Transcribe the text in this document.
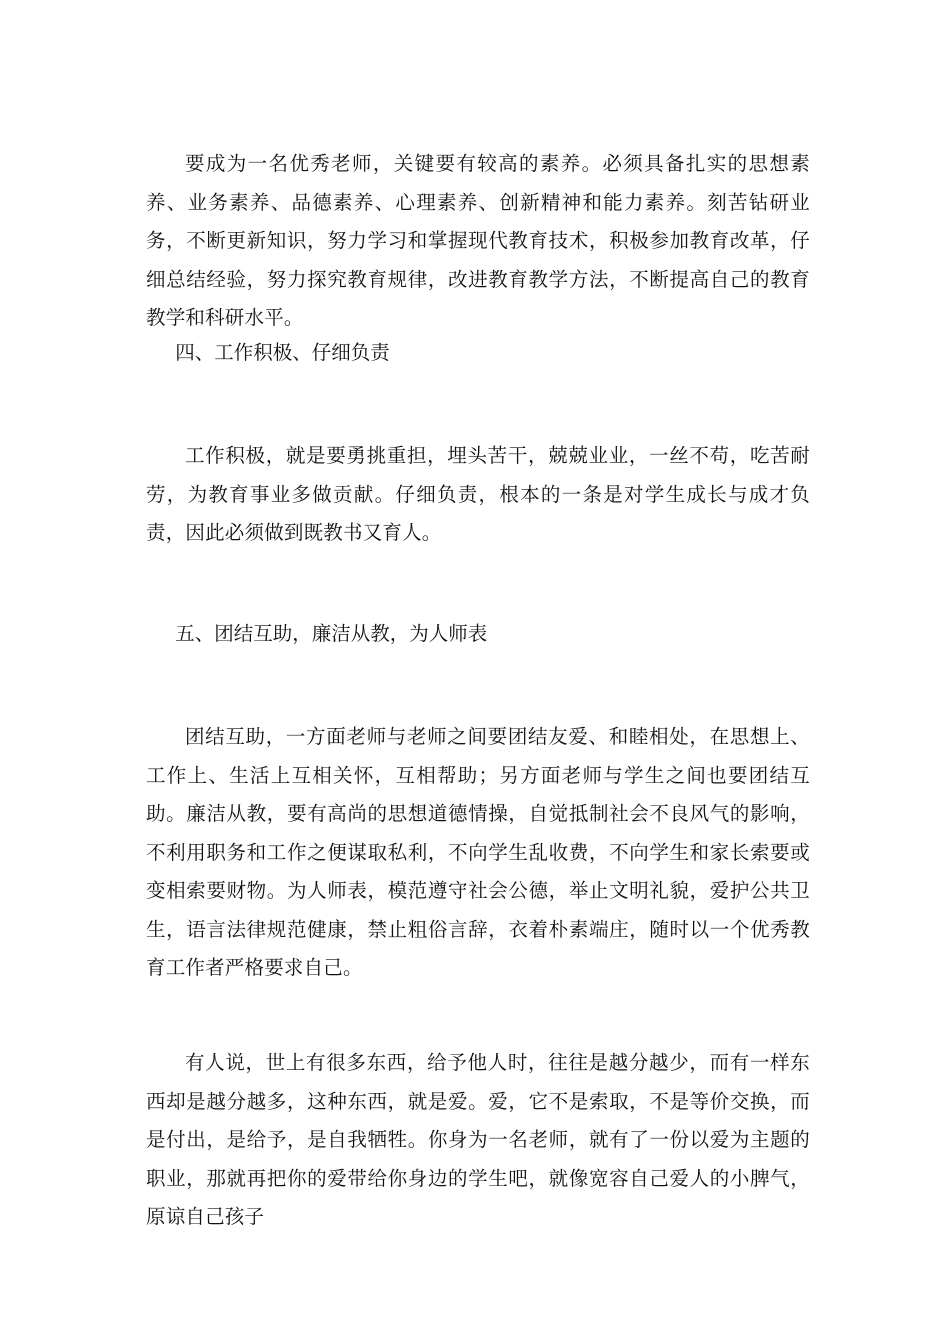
要成为一名优秀老师，关键要有较高的素养。必须具备扎实的思想素养、业务素养、品德素养、心理素养、创新精神和能力素养。刻苦钻研业务，不断更新知识，努力学习和掌握现代教育技术，积极参加教育改革，仔细总结经验，努力探究教育规律，改进教育教学方法，不断提高自己的教育教学和科研水平。

四、工作积极、仔细负责

工作积极，就是要勇挑重担，埋头苦干，兢兢业业，一丝不苟，吃苦耐劳，为教育事业多做贡献。仔细负责，根本的一条是对学生成长与成才负责，因此必须做到既教书又育人。

五、团结互助，廉洁从教，为人师表

团结互助，一方面老师与老师之间要团结友爱、和睦相处，在思想上、工作上、生活上互相关怀，互相帮助；另方面老师与学生之间也要团结互助。廉洁从教，要有高尚的思想道德情操，自觉抵制社会不良风气的影响，不利用职务和工作之便谋取私利，不向学生乱收费，不向学生和家长索要或变相索要财物。为人师表，模范遵守社会公德，举止文明礼貌，爱护公共卫生，语言法律规范健康，禁止粗俗言辞，衣着朴素端庄，随时以一个优秀教育工作者严格要求自己。

有人说，世上有很多东西，给予他人时，往往是越分越少，而有一样东西却是越分越多，这种东西，就是爱。爱，它不是索取，不是等价交换，而是付出，是给予，是自我牺牲。你身为一名老师，就有了一份以爱为主题的职业，那就再把你的爱带给你身边的学生吧，就像宽容自己爱人的小脾气，原谅自己孩子
